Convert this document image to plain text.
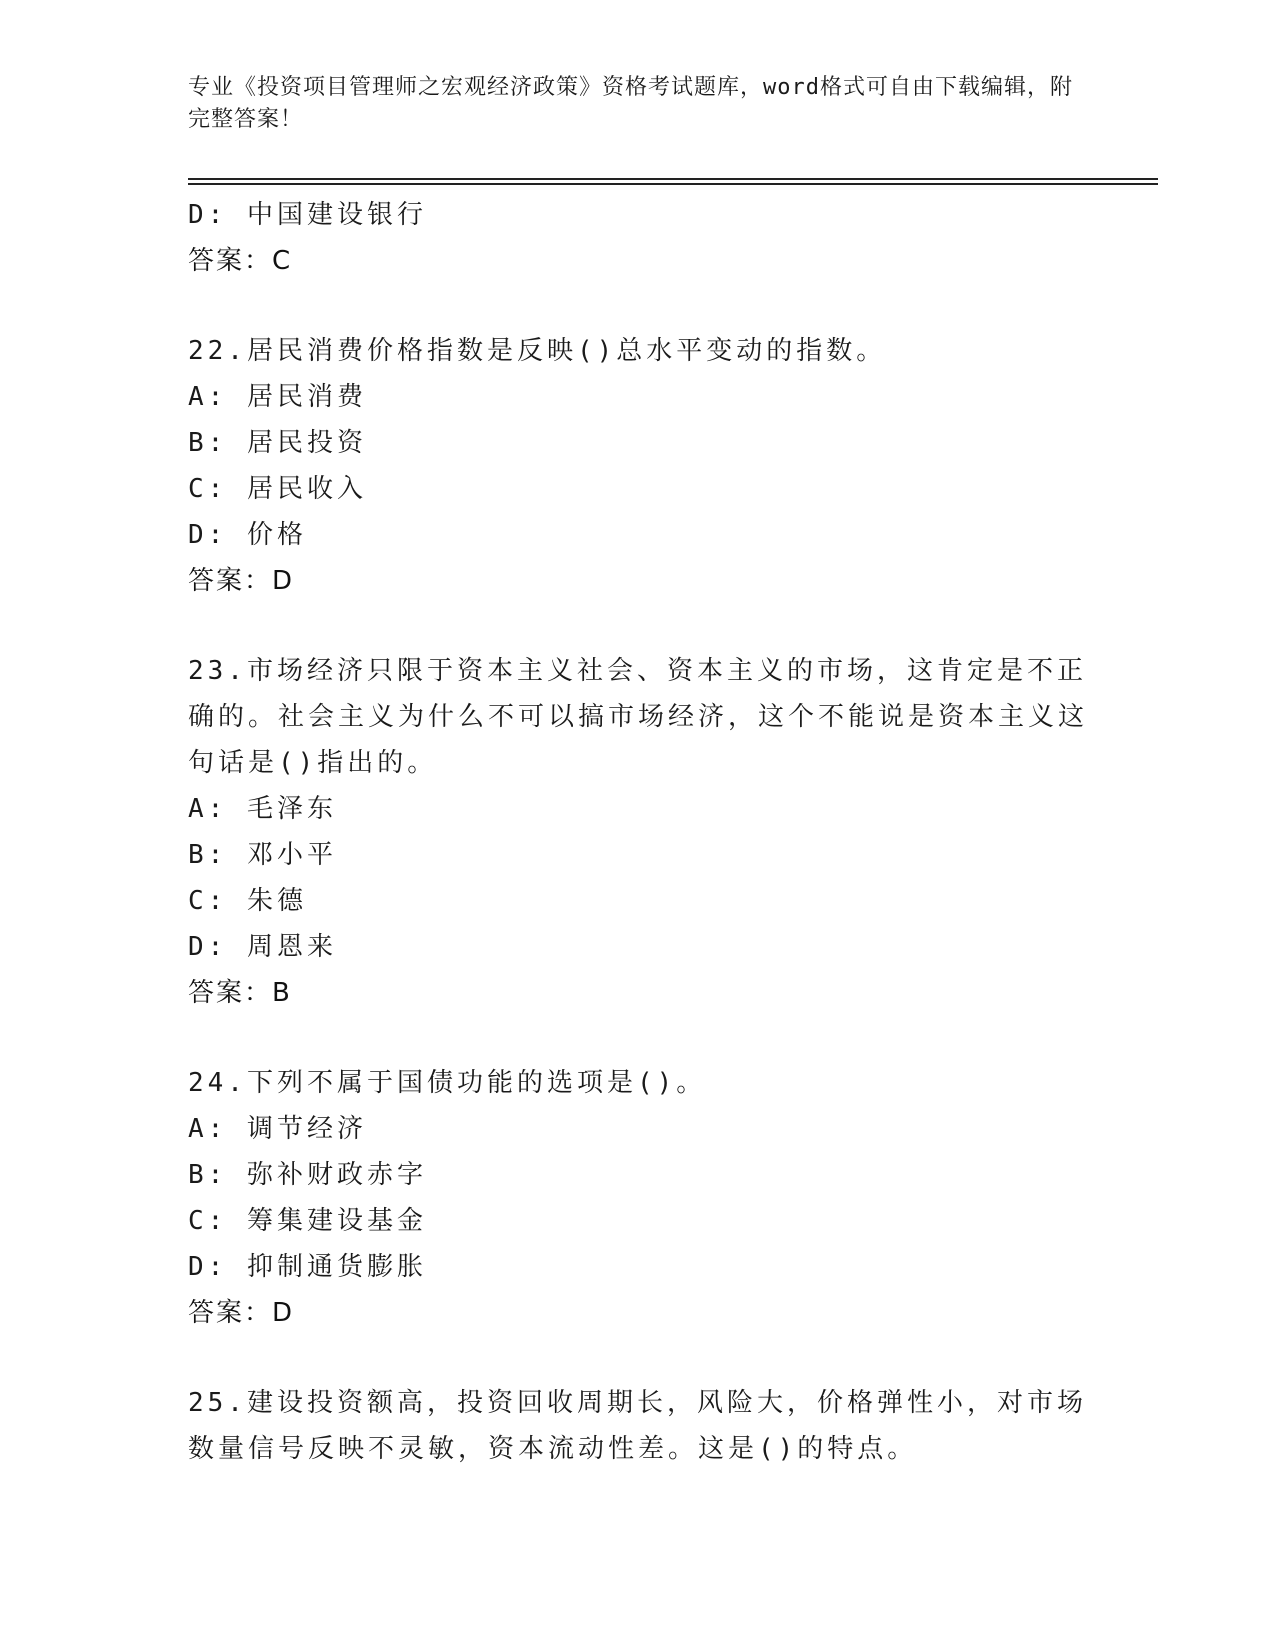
专业《投资项目管理师之宏观经济政策》资格考试题库，word格式可自由下载编辑，附完整答案！
D: 中国建设银行
答案：C
22.居民消费价格指数是反映()总水平变动的指数。
A: 居民消费
B: 居民投资
C: 居民收入
D: 价格
答案：D
23.市场经济只限于资本主义社会、资本主义的市场，这肯定是不正确的。社会主义为什么不可以搞市场经济，这个不能说是资本主义这句话是()指出的。
A: 毛泽东
B: 邓小平
C: 朱德
D: 周恩来
答案：B
24.下列不属于国债功能的选项是()。
A: 调节经济
B: 弥补财政赤字
C: 筹集建设基金
D: 抑制通货膨胀
答案：D
25.建设投资额高，投资回收周期长，风险大，价格弹性小，对市场数量信号反映不灵敏，资本流动性差。这是()的特点。
